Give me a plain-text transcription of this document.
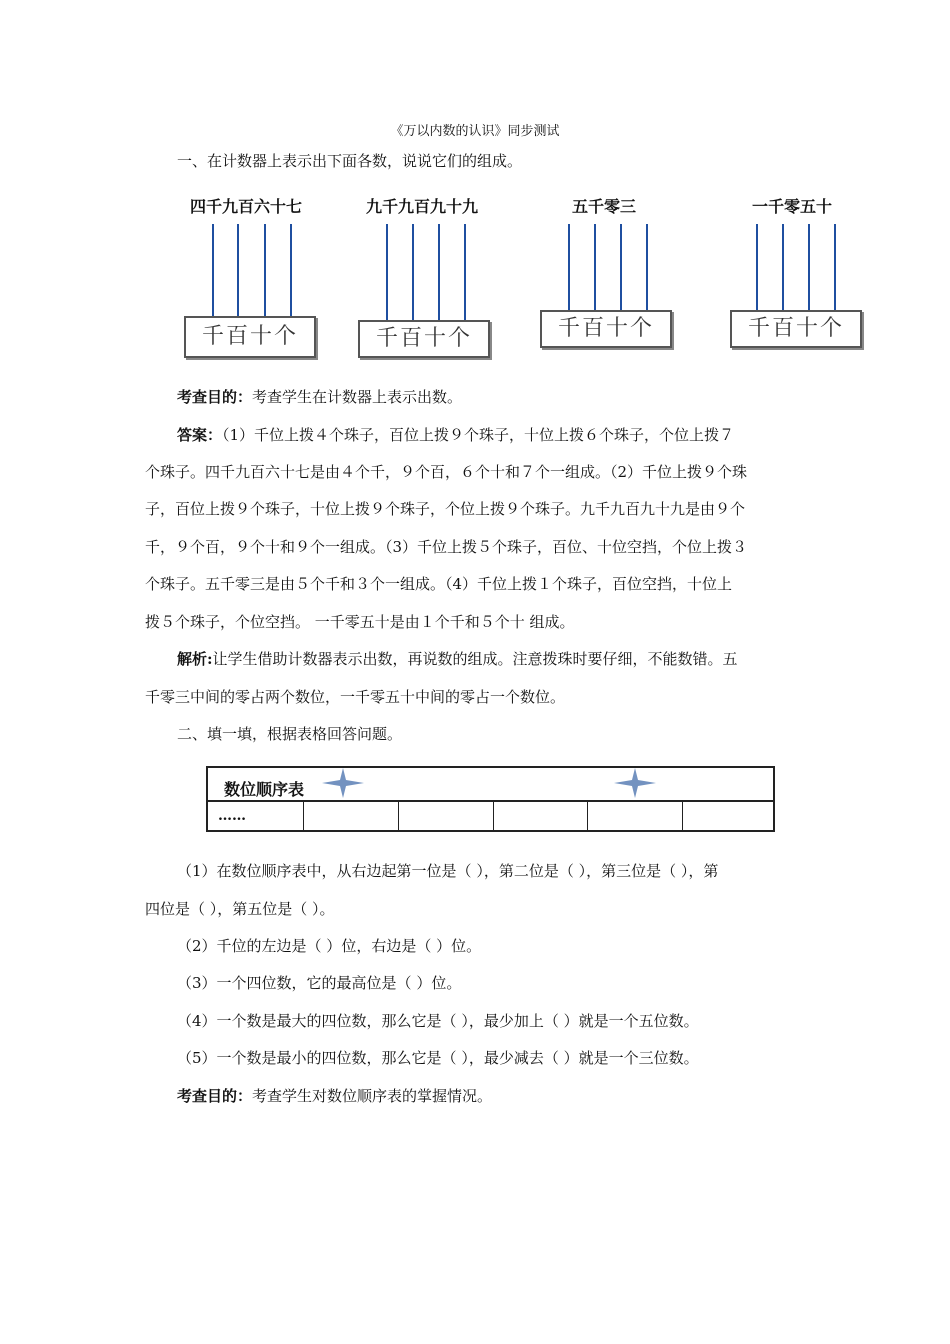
《万以内数的认识》同步测试
一、在计数器上表示出下面各数，说说它们的组成。
四千九百六十七
千百十个
九千九百九十九
千百十个
五千零三
千百十个
一千零五十
千百十个
考查目的：考查学生在计数器上表示出数。
答案：（1）千位上拨４个珠子，百位上拨９个珠子，十位上拨６个珠子，个位上拨７
个珠子。四千九百六十七是由４个千，９个百，６个十和７个一组成。（2）千位上拨９个珠
子，百位上拨９个珠子，十位上拨９个珠子，个位上拨９个珠子。九千九百九十九是由９个
千，９个百，９个十和９个一组成。（3）千位上拨５个珠子，百位、十位空挡，个位上拨３
个珠子。五千零三是由５个千和３个一组成。（4）千位上拨１个珠子，百位空挡，十位上
拨５个珠子，个位空挡。 一千零五十是由１个千和５个十 组成。
解析:让学生借助计数器表示出数，再说数的组成。注意拨珠时要仔细，不能数错。五
千零三中间的零占两个数位，一千零五十中间的零占一个数位。
二、填一填，根据表格回答问题。
数位顺序表
……
（1）在数位顺序表中，从右边起第一位是（ ），第二位是（ ），第三位是（ ），第
四位是（ ），第五位是（ ）。
（2）千位的左边是（ ）位，右边是（ ）位。
（3）一个四位数，它的最高位是（ ）位。
（4）一个数是最大的四位数，那么它是（ ），最少加上（ ）就是一个五位数。
（5）一个数是最小的四位数，那么它是（ ），最少减去（ ）就是一个三位数。
考查目的：考查学生对数位顺序表的掌握情况。
